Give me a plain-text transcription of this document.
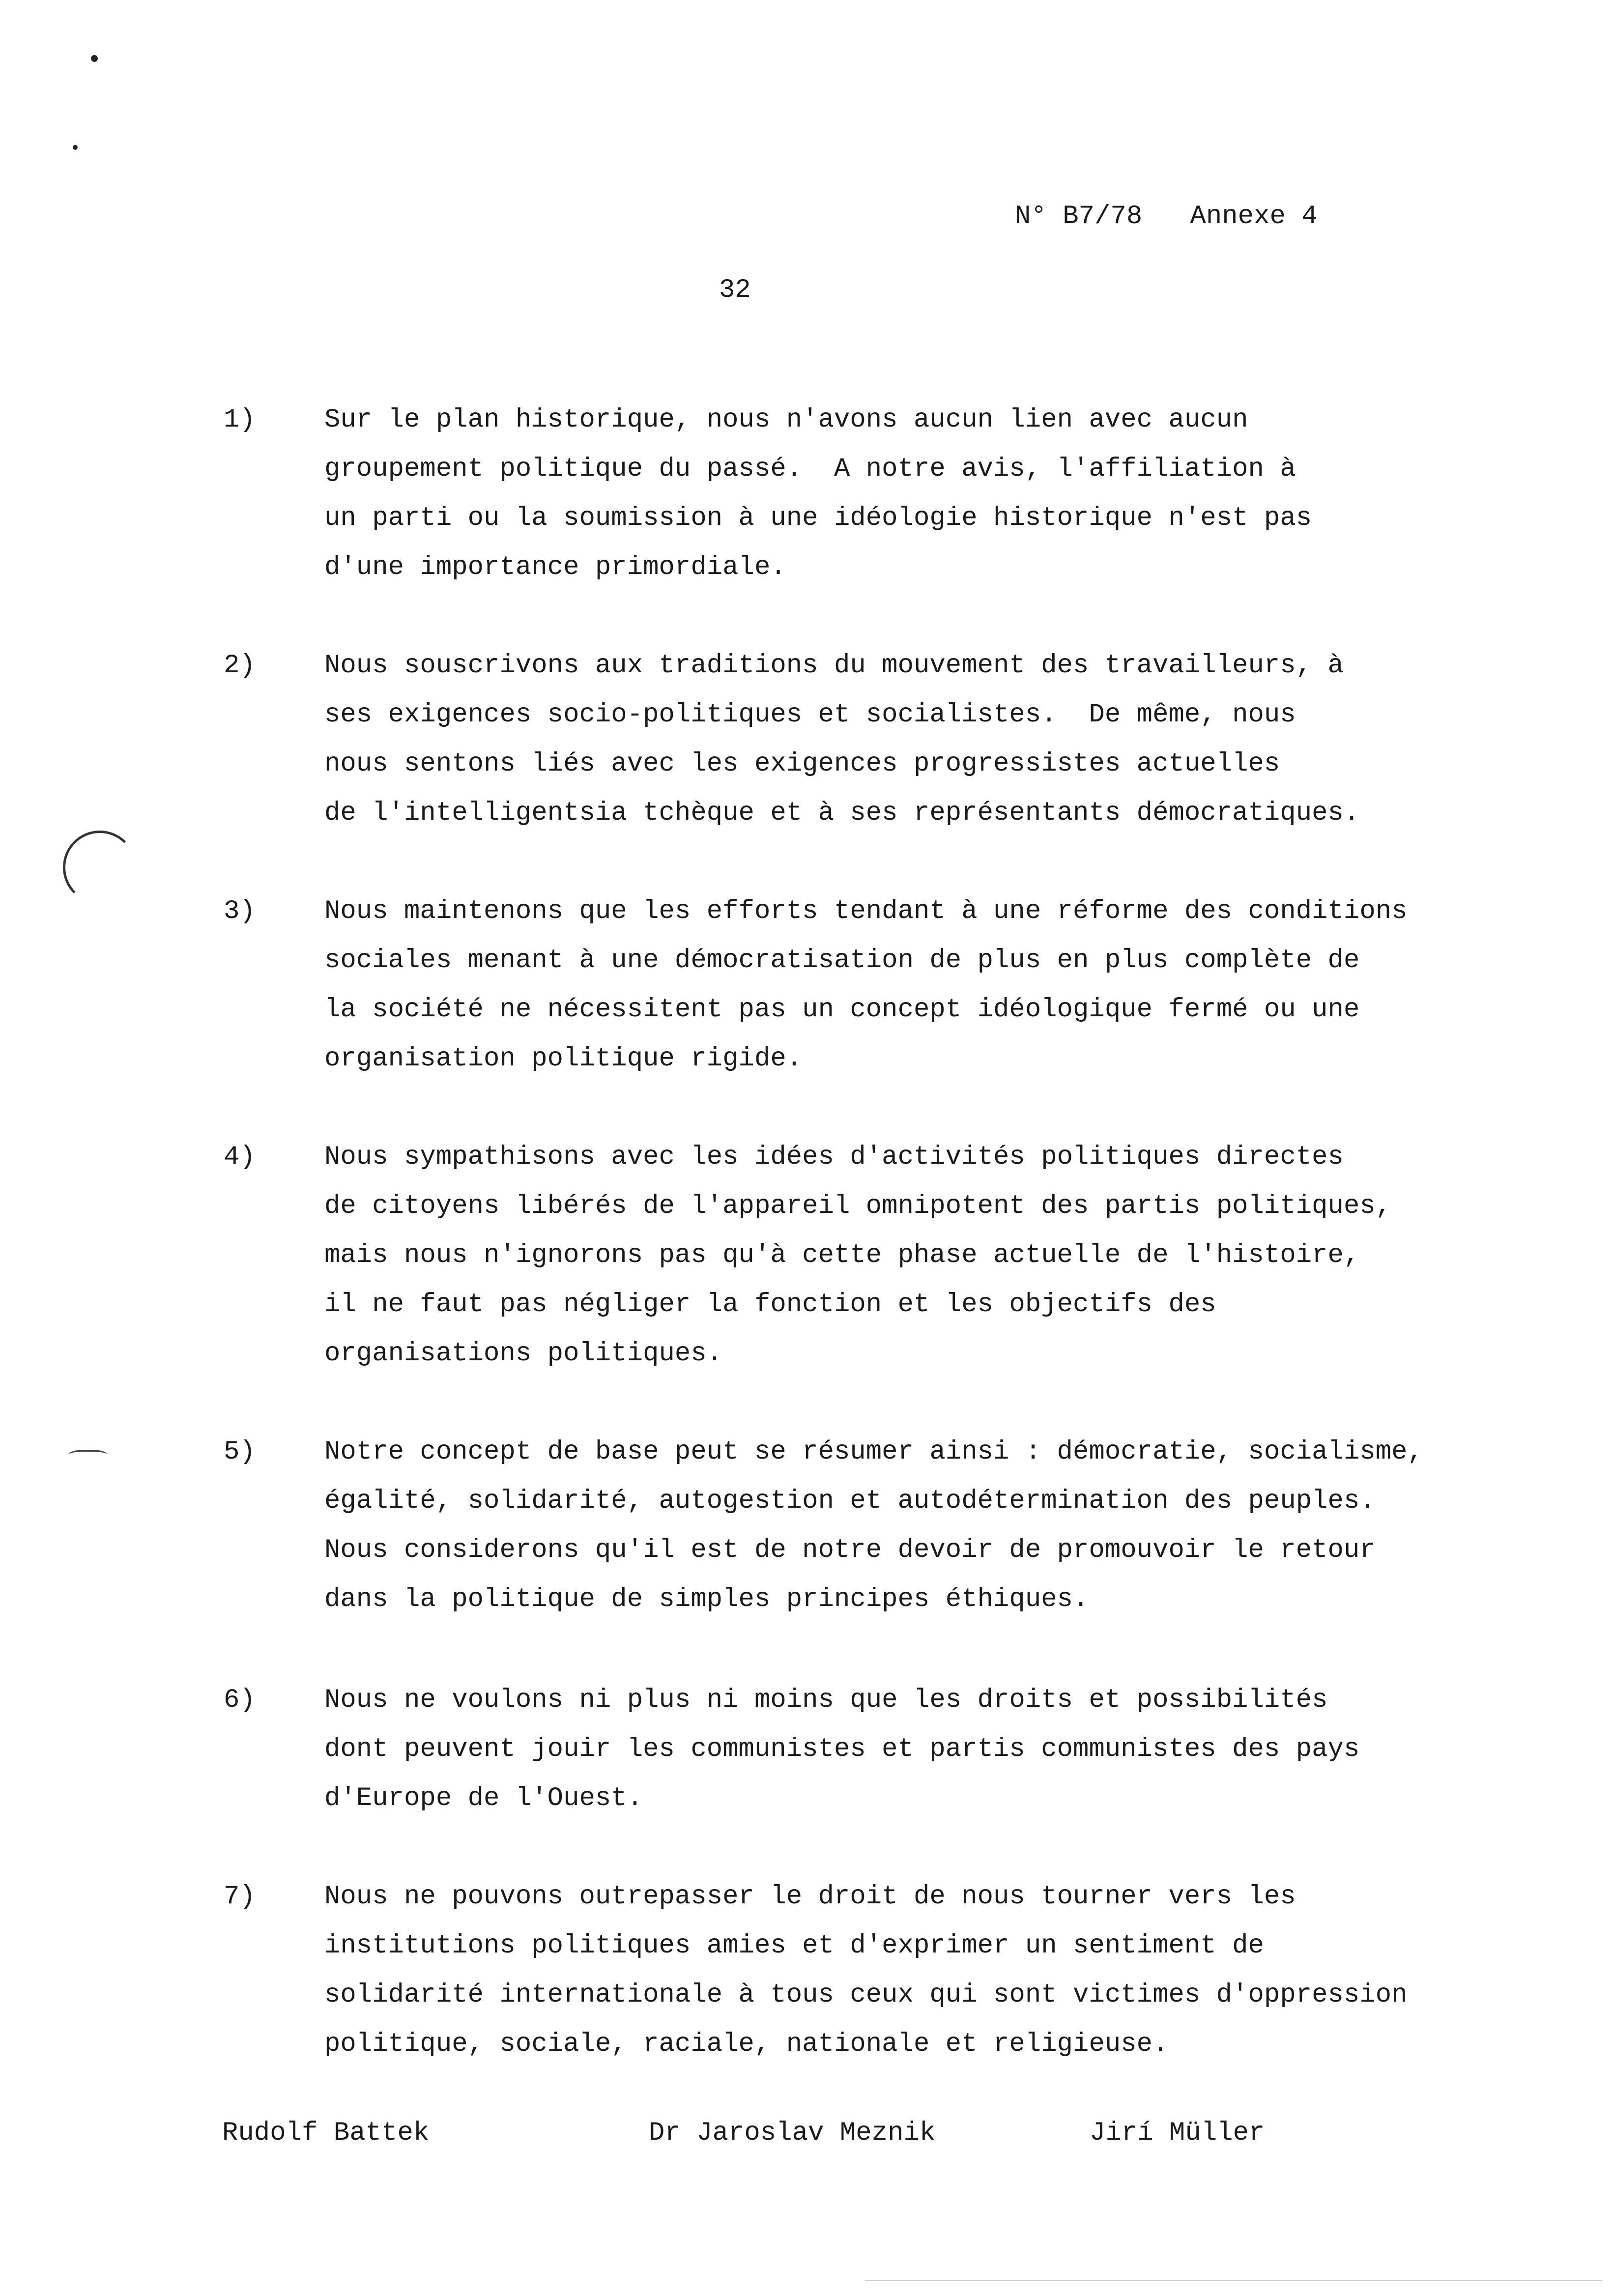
N° B7/78   Annexe 4
32
1)	Sur le plan historique, nous n'avons aucun lien avec aucun
groupement politique du passé.  A notre avis, l'affiliation à
un parti ou la soumission à une idéologie historique n'est pas
d'une importance primordiale.
2)	Nous souscrivons aux traditions du mouvement des travailleurs, à
ses exigences socio-politiques et socialistes.  De même, nous
nous sentons liés avec les exigences progressistes actuelles
de l'intelligentsia tchèque et à ses représentants démocratiques.
3)	Nous maintenons que les efforts tendant à une réforme des conditions
sociales menant à une démocratisation de plus en plus complète de
la société ne nécessitent pas un concept idéologique fermé ou une
organisation politique rigide.
4)	Nous sympathisons avec les idées d'activités politiques directes
de citoyens libérés de l'appareil omnipotent des partis politiques,
mais nous n'ignorons pas qu'à cette phase actuelle de l'histoire,
il ne faut pas négliger la fonction et les objectifs des
organisations politiques.
5)	Notre concept de base peut se résumer ainsi : démocratie, socialisme,
égalité, solidarité, autogestion et autodétermination des peuples.
Nous considerons qu'il est de notre devoir de promouvoir le retour
dans la politique de simples principes éthiques.
6)	Nous ne voulons ni plus ni moins que les droits et possibilités
dont peuvent jouir les communistes et partis communistes des pays
d'Europe de l'Ouest.
7)	Nous ne pouvons outrepasser le droit de nous tourner vers les
institutions politiques amies et d'exprimer un sentiment de
solidarité internationale à tous ceux qui sont victimes d'oppression
politique, sociale, raciale, nationale et religieuse.
Rudolf Battek	Dr Jaroslav Meznik	Jirí Müller
